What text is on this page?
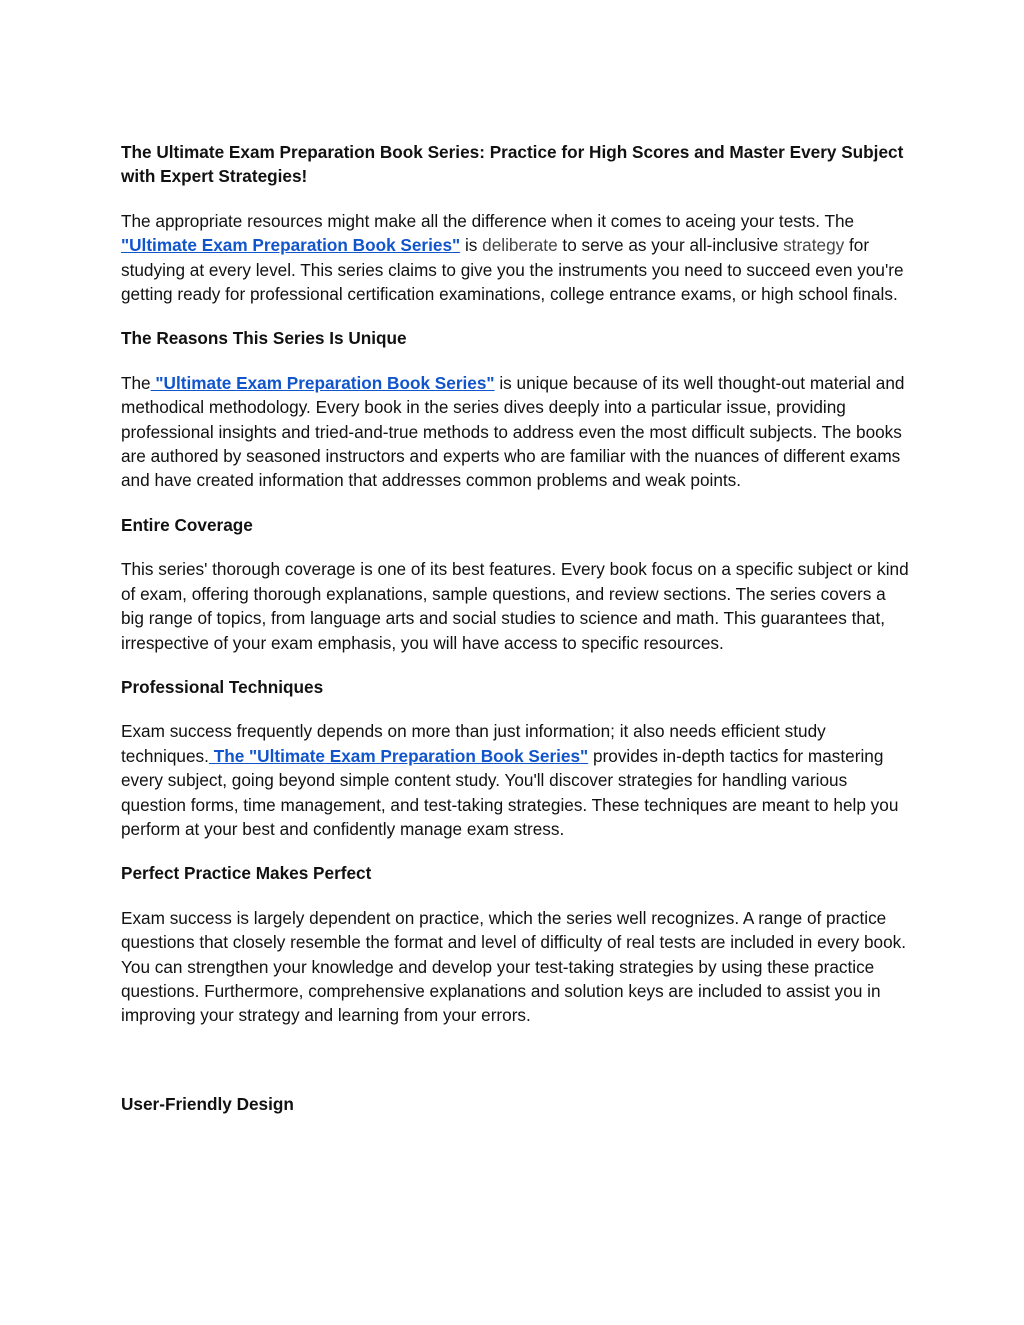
The Ultimate Exam Preparation Book Series: Practice for High Scores and Master Every Subject with Expert Strategies!

The appropriate resources might make all the difference when it comes to aceing your tests. The "Ultimate Exam Preparation Book Series" is deliberate to serve as your all-inclusive strategy for studying at every level. This series claims to give you the instruments you need to succeed even you're getting ready for professional certification examinations, college entrance exams, or high school finals.

The Reasons This Series Is Unique

The "Ultimate Exam Preparation Book Series" is unique because of its well thought-out material and methodical methodology. Every book in the series dives deeply into a particular issue, providing professional insights and tried-and-true methods to address even the most difficult subjects. The books are authored by seasoned instructors and experts who are familiar with the nuances of different exams and have created information that addresses common problems and weak points.

Entire Coverage

This series' thorough coverage is one of its best features. Every book focus on a specific subject or kind of exam, offering thorough explanations, sample questions, and review sections. The series covers a big range of topics, from language arts and social studies to science and math. This guarantees that, irrespective of your exam emphasis, you will have access to specific resources.

Professional Techniques

Exam success frequently depends on more than just information; it also needs efficient study techniques. The "Ultimate Exam Preparation Book Series" provides in-depth tactics for mastering every subject, going beyond simple content study. You'll discover strategies for handling various question forms, time management, and test-taking strategies. These techniques are meant to help you perform at your best and confidently manage exam stress.

Perfect Practice Makes Perfect

Exam success is largely dependent on practice, which the series well recognizes. A range of practice questions that closely resemble the format and level of difficulty of real tests are included in every book. You can strengthen your knowledge and develop your test-taking strategies by using these practice questions. Furthermore, comprehensive explanations and solution keys are included to assist you in improving your strategy and learning from your errors.

User-Friendly Design
